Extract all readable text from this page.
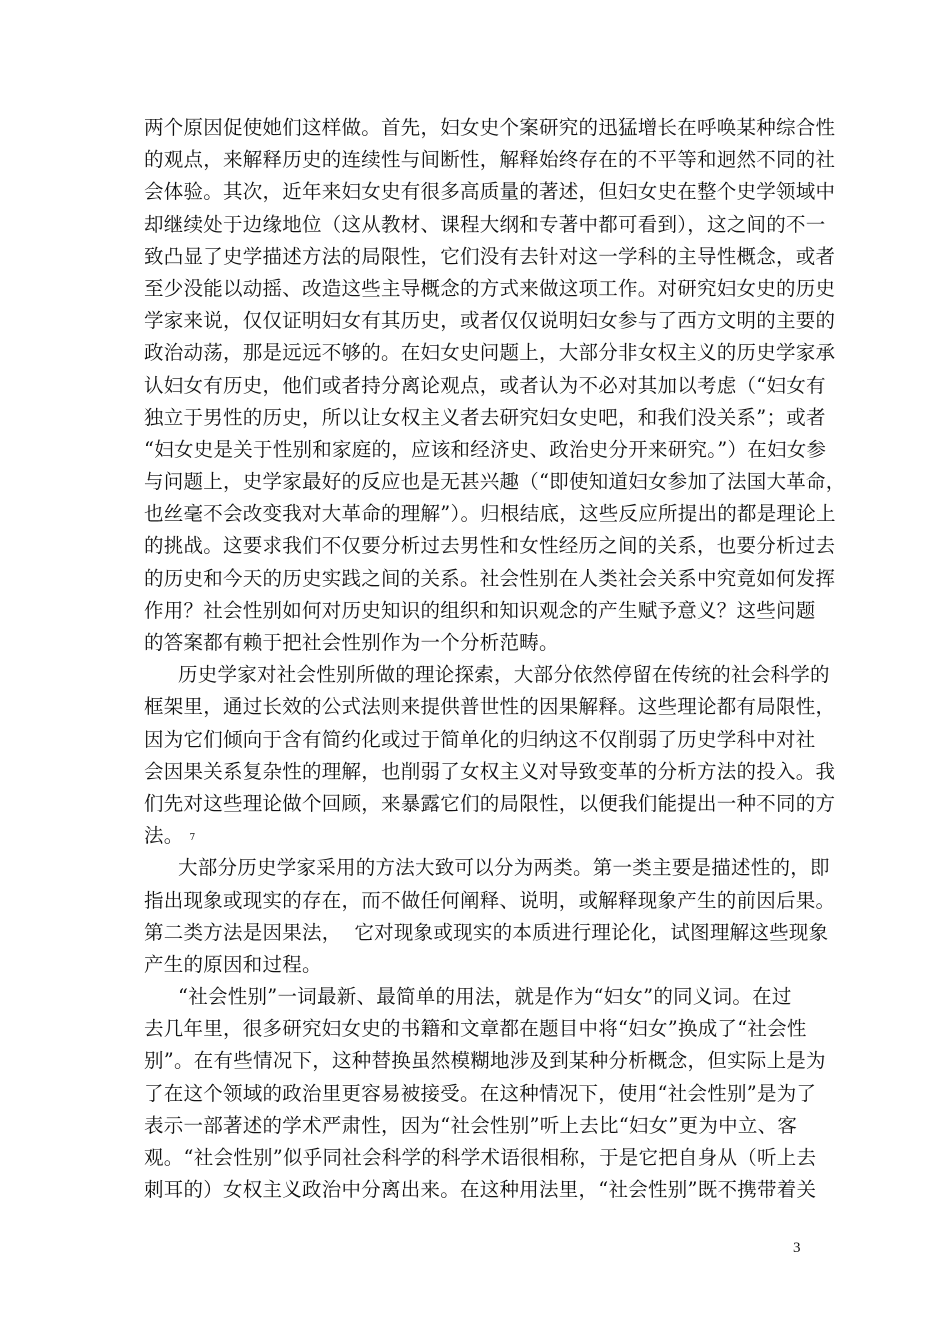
两个原因促使她们这样做。首先，妇女史个案研究的迅猛增长在呼唤某种综合性
的观点，来解释历史的连续性与间断性，解释始终存在的不平等和迥然不同的社
会体验。其次，近年来妇女史有很多高质量的著述，但妇女史在整个史学领域中
却继续处于边缘地位（这从教材、课程大纲和专著中都可看到），这之间的不一
致凸显了史学描述方法的局限性，它们没有去针对这一学科的主导性概念，或者
至少没能以动摇、改造这些主导概念的方式来做这项工作。对研究妇女史的历史
学家来说，仅仅证明妇女有其历史，或者仅仅说明妇女参与了西方文明的主要的
政治动荡，那是远远不够的。在妇女史问题上，大部分非女权主义的历史学家承
认妇女有历史，他们或者持分离论观点，或者认为不必对其加以考虑（“妇女有
独立于男性的历史，所以让女权主义者去研究妇女史吧，和我们没关系”；或者
“妇女史是关于性别和家庭的，应该和经济史、政治史分开来研究。”）在妇女参
与问题上，史学家最好的反应也是无甚兴趣（“即使知道妇女参加了法国大革命，
也丝毫不会改变我对大革命的理解”）。归根结底，这些反应所提出的都是理论上
的挑战。这要求我们不仅要分析过去男性和女性经历之间的关系，也要分析过去
的历史和今天的历史实践之间的关系。社会性别在人类社会关系中究竟如何发挥
作用？社会性别如何对历史知识的组织和知识观念的产生赋予意义？这些问题
的答案都有赖于把社会性别作为一个分析范畴。
历史学家对社会性别所做的理论探索，大部分依然停留在传统的社会科学的
框架里，通过长效的公式法则来提供普世性的因果解释。这些理论都有局限性，
因为它们倾向于含有简约化或过于简单化的归纳这不仅削弱了历史学科中对社
会因果关系复杂性的理解，也削弱了女权主义对导致变革的分析方法的投入。我
们先对这些理论做个回顾，来暴露它们的局限性，以便我们能提出一种不同的方
法。 $^7$
大部分历史学家采用的方法大致可以分为两类。第一类主要是描述性的，即
指出现象或现实的存在，而不做任何阐释、说明，或解释现象产生的前因后果。
第二类方法是因果法，  它对现象或现实的本质进行理论化，试图理解这些现象
产生的原因和过程。
“社会性别”一词最新、最简单的用法，就是作为“妇女”的同义词。在过
去几年里，很多研究妇女史的书籍和文章都在题目中将“妇女”换成了“社会性
别”。在有些情况下，这种替换虽然模糊地涉及到某种分析概念，但实际上是为
了在这个领域的政治里更容易被接受。在这种情况下，使用“社会性别”是为了
表示一部著述的学术严肃性，因为“社会性别”听上去比“妇女”更为中立、客
观。“社会性别”似乎同社会科学的科学术语很相称，于是它把自身从（听上去
刺耳的）女权主义政治中分离出来。在这种用法里，“社会性别”既不携带着关
3
